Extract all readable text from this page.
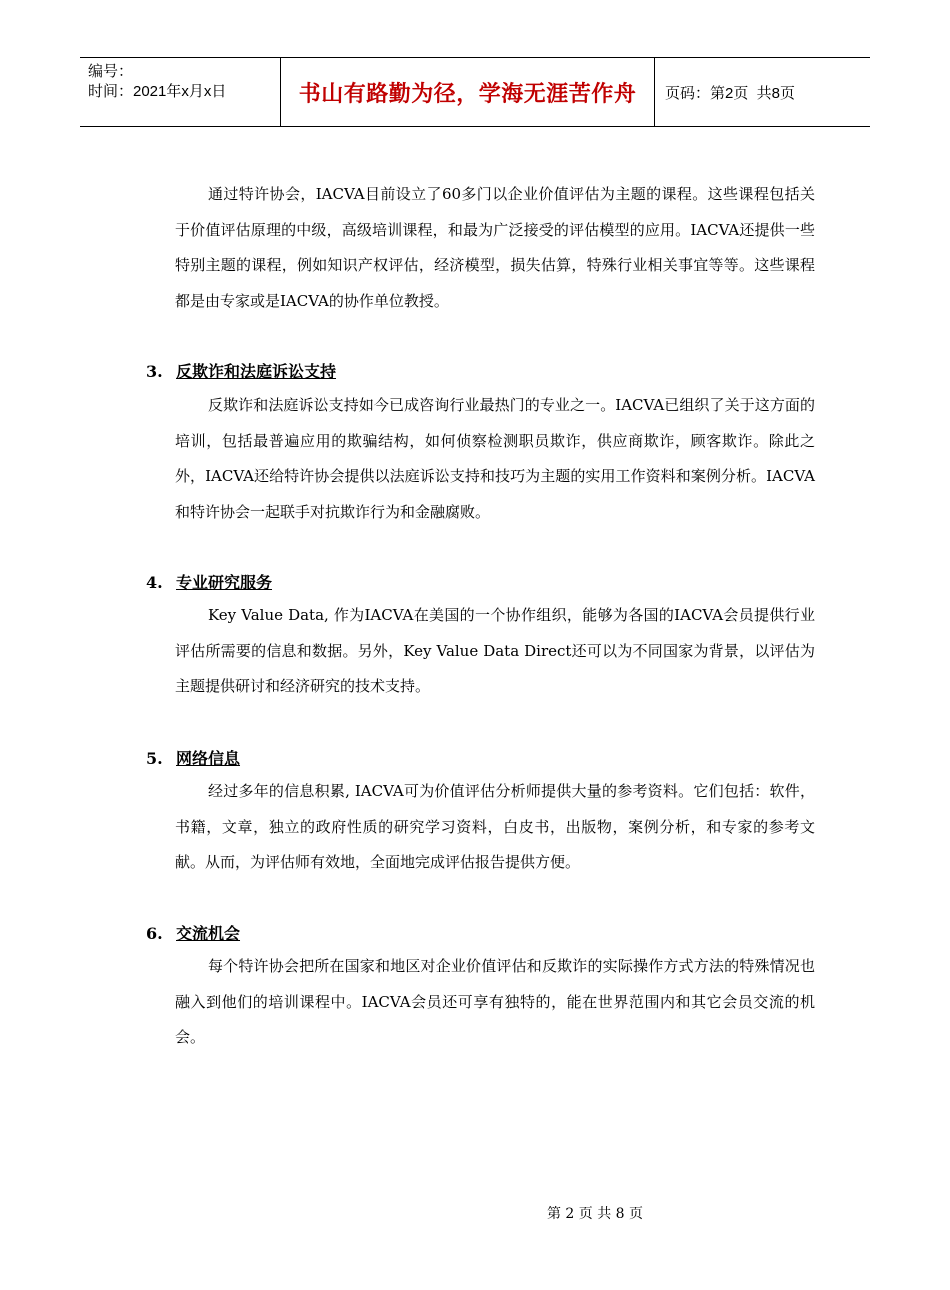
编号：
时间：2021年x月x日	书山有路勤为径，学海无涯苦作舟	页码：第2页  共8页

通过特许协会，IACVA目前设立了60多门以企业价值评估为主题的课程。这些课程包括关于价值评估原理的中级，高级培训课程，和最为广泛接受的评估模型的应用。IACVA还提供一些特别主题的课程，例如知识产权评估，经济模型，损失估算，特殊行业相关事宜等等。这些课程都是由专家或是IACVA的协作单位教授。

3. 反欺诈和法庭诉讼支持

反欺诈和法庭诉讼支持如今已成咨询行业最热门的专业之一。IACVA已组织了关于这方面的培训，包括最普遍应用的欺骗结构，如何侦察检测职员欺诈，供应商欺诈，顾客欺诈。除此之外，IACVA还给特许协会提供以法庭诉讼支持和技巧为主题的实用工作资料和案例分析。IACVA和特许协会一起联手对抗欺诈行为和金融腐败。

4. 专业研究服务

Key Value Data, 作为IACVA在美国的一个协作组织，能够为各国的IACVA会员提供行业评估所需要的信息和数据。另外，Key Value Data Direct还可以为不同国家为背景，以评估为主题提供研讨和经济研究的技术支持。

5. 网络信息

经过多年的信息积累, IACVA可为价值评估分析师提供大量的参考资料。它们包括：软件，书籍，文章，独立的政府性质的研究学习资料，白皮书，出版物，案例分析，和专家的参考文献。从而，为评估师有效地，全面地完成评估报告提供方便。

6. 交流机会

每个特许协会把所在国家和地区对企业价值评估和反欺诈的实际操作方式方法的特殊情况也融入到他们的培训课程中。IACVA会员还可享有独特的，能在世界范围内和其它会员交流的机会。

第 2 页 共 8 页
